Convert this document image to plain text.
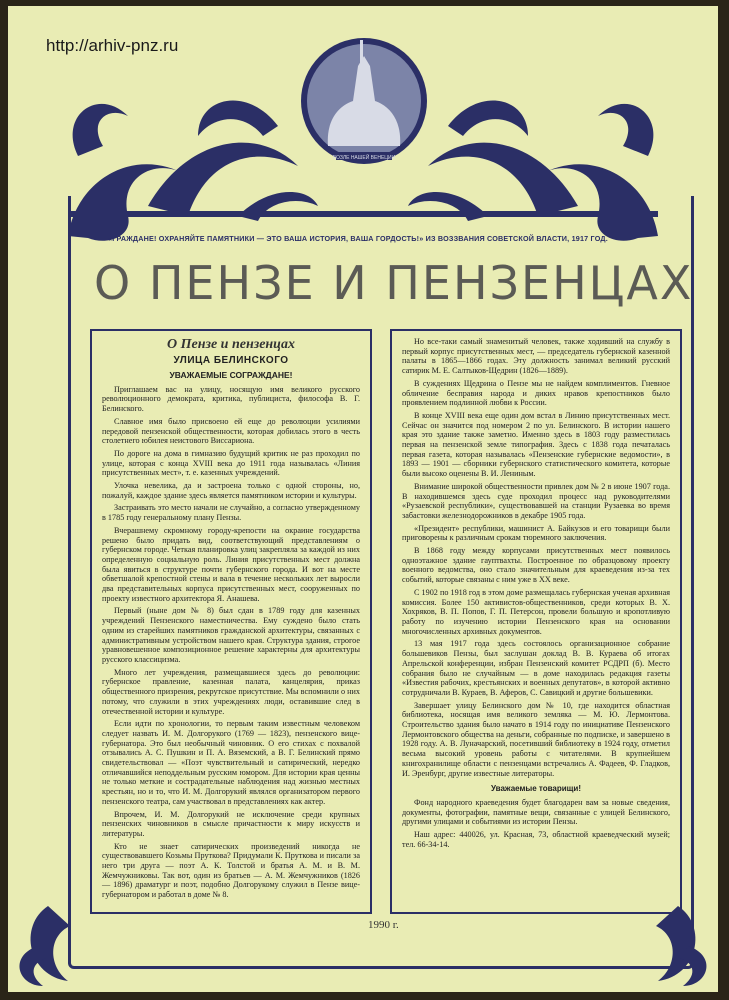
http://arhiv-pnz.ru
ВОЗЛЕ НАШЕЙ ВЕНЕЦИИ
«ГРАЖДАНЕ! ОХРАНЯЙТЕ ПАМЯТНИКИ — ЭТО ВАША ИСТОРИЯ, ВАША ГОРДОСТЬ!» ИЗ ВОЗЗВАНИЯ СОВЕТСКОЙ ВЛАСТИ, 1917 ГОД.
О ПЕНЗЕ И ПЕНЗЕНЦАХ
О Пензе и пензенцах
УЛИЦА БЕЛИНСКОГО
УВАЖАЕМЫЕ СОГРАЖДАНЕ!

Приглашаем вас на улицу, носящую имя великого русского революционного демократа, критика, публициста, философа В. Г. Белинского.

Славное имя было присвоено ей еще до революции усилиями передовой пензенской общественности, которая добилась этого в честь столетнего юбилея неистового Виссариона.

По дороге на дома в гимназию будущий критик не раз проходил по улице, которая с конца XVIII века до 1911 года называлась «Линия присутственных мест», т. е. казенных учреждений.

Улочка невелика, да и застроена только с одной стороны, но, пожалуй, каждое здание здесь является памятником истории и культуры.

Застраивать это место начали не случайно, а согласно утвержденному в 1785 году генеральному плану Пензы.

Вчерашнему скромному городу-крепости на окраине государства решено было придать вид, соответствующий представлениям о губернском городе. Четкая планировка улиц закрепляла за каждой из них определенную социальную роль. Линия присутственных мест должна была явиться в структуре почти губернского города. И вот на месте обветшалой крепостной стены и вала в течение нескольких лет выросли два представительных корпуса присутственных мест, сооруженных по проекту известного архитектора Я. Анашева.

Первый (ныне дом № 8) был сдан в 1789 году для казенных учреждений Пензенского наместничества. Ему суждено было стать одним из старейших памятников гражданской архитектуры, связанных с административным устройством нашего края. Структура здания, строгое уравновешенное композиционное решение характерны для архитектуры русского классицизма.

Много лет учреждения, размещавшиеся здесь до революции: губернское правление, казенная палата, канцелярия, приказ общественного призрения, рекрутское присутствие. Мы вспомнили о них потому, что служили в этих учреждениях люди, оставившие след в отечественной истории и культуре.

Если идти по хронологии, то первым таким известным человеком следует назвать И. М. Долгорукого (1769 — 1823), пензенского вице-губернатора. Это был необычный чиновник. О его стихах с похвалой отзывались А. С. Пушкин и П. А. Вяземский, а В. Г. Белинский прямо свидетельствовал — «Поэт чувствительный и сатирический, нередко отличавшийся неподдельным русским юмором. Для истории края ценны не только меткие и сострадательные наблюдения над жизнью местных крестьян, но и то, что И. М. Долгорукий являлся организатором первого пензенского театра, сам участвовал в представлениях как актер.

Впрочем, И. М. Долгорукий не исключение среди крупных пензенских чиновников в смысле причастности к миру искусств и литературы.

Кто не знает сатирических произведений никогда не существовавшего Козьмы Пруткова? Придумали К. Пруткова и писали за него три друга — поэт А. К. Толстой и братья А. М. и В. М. Жемчужниковы. Так вот, один из братьев — А. М. Жемчужников (1826 — 1896) драматург и поэт, подобно Долгорукому служил в Пензе вице-губернатором и работал в доме № 8.

Но все-таки самый знаменитый человек, также ходивший на службу в первый корпус присутственных мест, — председатель губернской казенной палаты в 1865—1866 годах. Эту должность занимал великий русский сатирик М. Е. Салтыков-Щедрин (1826—1889).

В суждениях Щедрина о Пензе мы не найдем комплиментов. Гневное обличение бесправия народа и диких нравов крепостников было проявлением подлинной любви к России.

В конце XVIII века еще один дом встал в Линию присутственных мест. Сейчас он значится под номером 2 по ул. Белинского. В истории нашего края это здание также заметно. Именно здесь в 1803 году разместилась первая на пензенской земле типография. Здесь с 1838 года печаталась первая газета, которая называлась «Пензенские губернские ведомости», в 1893 — 1901 — сборники губернского статистического комитета, которые были высоко оценены В. И. Лениным.

Внимание широкой общественности привлек дом № 2 в июне 1907 года. В находившемся здесь суде проходил процесс над руководителями «Рузаевской республики», существовавшей на станции Рузаевка во время забастовки железнодорожников в декабре 1905 года.

«Президент» республики, машинист А. Байкузов и его товарищи были приговорены к различным срокам тюремного заключения.

В 1868 году между корпусами присутственных мест появилось одноэтажное здание гауптвахты. Построенное по образцовому проекту военного ведомства, оно стало значительным для краеведения из-за тех событий, которые связаны с ним уже в XX веке.

С 1902 по 1918 год в этом доме размещалась губернская ученая архивная комиссия. Более 150 активистов-общественников, среди которых В. Х. Хохряков, В. П. Попов, Г. П. Петерсон, провели большую и кропотливую работу по изучению истории Пензенского края на основании многочисленных архивных документов.

13 мая 1917 года здесь состоялось организационное собрание большевиков Пензы, был заслушан доклад В. В. Кураева об итогах Апрельской конференции, избран Пензенский комитет РСДРП (б). Место собрания было не случайным — в доме находилась редакция газеты «Известия рабочих, крестьянских и военных депутатов», в которой активно сотрудничали В. Кураев, В. Аферов, С. Савицкий и другие большевики.

Завершает улицу Белинского дом № 10, где находится областная библиотека, носящая имя великого земляка — М. Ю. Лермонтова. Строительство здания было начато в 1914 году по инициативе Пензенского Лермонтовского общества на деньги, собранные по подписке, и завершено в 1928 году. А. В. Луначарский, посетивший библиотеку в 1924 году, отметил весьма высокий уровень работы с читателями. В крупнейшем книгохранилище области с пензенцами встречались А. Фадеев, Ф. Гладков, И. Эренбург, другие известные литераторы.

Уважаемые товарищи!

Фонд народного краеведения будет благодарен вам за новые сведения, документы, фотографии, памятные вещи, связанные с улицей Белинского, другими улицами и событиями из истории Пензы.

Наш адрес: 440026, ул. Красная, 73, областной краеведческий музей; тел. 66-34-14.

1990 г.
